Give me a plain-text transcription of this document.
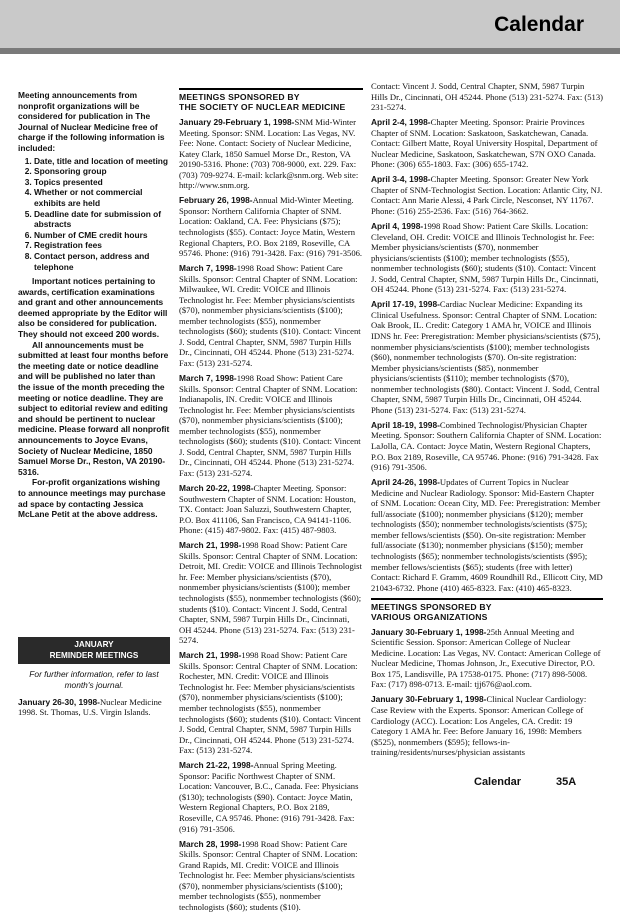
Calendar
Meeting announcements from nonprofit organizations will be considered for publication in The Journal of Nuclear Medicine free of charge if the following information is included:
1. Date, title and location of meeting
2. Sponsoring group
3. Topics presented
4. Whether or not commercial exhibits are held
5. Deadline date for submission of abstracts
6. Number of CME credit hours
7. Registration fees
8. Contact person, address and telephone

Important notices pertaining to awards, certification examinations and grant and other announcements deemed appropriate by the Editor will also be considered for publication. They should not exceed 200 words.

All announcements must be submitted at least four months before the meeting date or notice deadline and will be published no later than the issue of the month preceding the meeting or notice deadline. They are subject to editorial review and editing and should be pertinent to nuclear medicine. Please forward all nonprofit announcements to Joyce Evans, Society of Nuclear Medicine, 1850 Samuel Morse Dr., Reston, VA 20190-5316.

For-profit organizations wishing to announce meetings may purchase ad space by contacting Jessica McLane Petit at the above address.

JANUARY
REMINDER MEETINGS
For further information, refer to last month's journal.
January 26-30, 1998-Nuclear Medicine 1998. St. Thomas, U.S. Virgin Islands.
MEETINGS SPONSORED BY
THE SOCIETY OF NUCLEAR MEDICINE
January 29-February 1, 1998-SNM Mid-Winter Meeting. Sponsor: SNM. Location: Las Vegas, NV. Fee: None. Contact: Society of Nuclear Medicine, Katey Clark, 1850 Samuel Morse Dr., Reston, VA 20190-5316. Phone: (703) 708-9000, ext. 229. Fax: (703) 709-9274. E-mail: kclark@snm.org. Web site: http://www.snm.org.
February 26, 1998-Annual Mid-Winter Meeting. Sponsor: Northern California Chapter of SNM. Location: Oakland, CA. Fee: Physicians ($75); technologists ($55). Contact: Joyce Matin, Western Regional Chapters, P.O. Box 2189, Roseville, CA 95746. Phone: (916) 791-3428. Fax: (916) 791-3506.
March 7, 1998-1998 Road Show: Patient Care Skills. Sponsor: Central Chapter of SNM. Location: Milwaukee, WI. Credit: VOICE and Illinois Technologist hr. Fee: Member physicians/scientists ($70), nonmember physicians/scientists ($100); member technologists ($55), nonmember technologists ($60); students ($10). Contact: Vincent J. Sodd, Central Chapter, SNM, 5987 Turpin Hills Dr., Cincinnati, OH 45244. Phone (513) 231-5274. Fax: (513) 231-5274.
March 7, 1998-1998 Road Show: Patient Care Skills. Sponsor: Central Chapter of SNM. Location: Indianapolis, IN. Credit: VOICE and Illinois Technologist hr. Fee: Member physicians/scientists ($70), nonmember physicians/scientists ($100); member technologists ($55), nonmember technologists ($60); students ($10). Contact: Vincent J. Sodd, Central Chapter, SNM, 5987 Turpin Hills Dr., Cincinnati, OH 45244. Phone (513) 231-5274. Fax: (513) 231-5274.
March 20-22, 1998-Chapter Meeting. Sponsor: Southwestern Chapter of SNM. Location: Houston, TX. Contact: Joan Saluzzi, Southwestern Chapter, P.O. Box 411106, San Francisco, CA 94141-1106. Phone: (415) 487-9802. Fax: (415) 487-9803.
March 21, 1998-1998 Road Show: Patient Care Skills. Sponsor: Central Chapter of SNM. Location: Detroit, MI. Credit: VOICE and Illinois Technologist hr. Fee: Member physicians/scientists ($70), nonmember physicians/scientists ($100); member technologists ($55), nonmember technologists ($60); students ($10). Contact: Vincent J. Sodd, Central Chapter, SNM, 5987 Turpin Hills Dr., Cincinnati, OH 45244. Phone (513) 231-5274. Fax: (513) 231-5274.
March 21, 1998-1998 Road Show: Patient Care Skills. Sponsor: Central Chapter of SNM. Location: Rochester, MN. Credit: VOICE and Illinois Technologist hr. Fee: Member physicians/scientists ($70), nonmember physicians/scientists ($100); member technologists ($55), nonmember technologists ($60); students ($10). Contact: Vincent J. Sodd, Central Chapter, SNM, 5987 Turpin Hills Dr., Cincinnati, OH 45244. Phone (513) 231-5274. Fax: (513) 231-5274.
March 21-22, 1998-Annual Spring Meeting. Sponsor: Pacific Northwest Chapter of SNM. Location: Vancouver, B.C., Canada. Fee: Physicians ($130); technologists ($90). Contact: Joyce Matin, Western Regional Chapters, P.O. Box 2189, Roseville, CA 95746. Phone: (916) 791-3428. Fax: (916) 791-3506.
March 28, 1998-1998 Road Show: Patient Care Skills. Sponsor: Central Chapter of SNM. Location: Grand Rapids, MI. Credit: VOICE and Illinois Technologist hr. Fee: Member physicians/scientists ($70), nonmember physicians/scientists ($100); member technologists ($55), nonmember technologists ($60); students ($10).
Contact: Vincent J. Sodd, Central Chapter, SNM, 5987 Turpin Hills Dr., Cincinnati, OH 45244. Phone (513) 231-5274. Fax: (513) 231-5274.
April 2-4, 1998-Chapter Meeting. Sponsor: Prairie Provinces Chapter of SNM. Location: Saskatoon, Saskatchewan, Canada. Contact: Gilbert Matte, Royal University Hospital, Department of Nuclear Medicine, Saskatoon, Saskatchewan, S7N OXO Canada. Phone: (306) 655-1803. Fax: (306) 655-1742.
April 3-4, 1998-Chapter Meeting. Sponsor: Greater New York Chapter of SNM-Technologist Section. Location: Atlantic City, NJ. Contact: Ann Marie Alessi, 4 Park Circle, Nesconset, NY 11767. Phone: (516) 255-2536. Fax: (516) 764-3662.
April 4, 1998-1998 Road Show: Patient Care Skills. Location: Cleveland, OH. Credit: VOICE and Illinois Technologist hr. Fee: Member physicians/scientists ($70), nonmember physicians/scientists ($100); member technologists ($55), nonmember technologists ($60); students ($10). Contact: Vincent J. Sodd, Central Chapter, SNM, 5987 Turpin Hills Dr., Cincinnati, OH 45244. Phone (513) 231-5274. Fax: (513) 231-5274.
April 17-19, 1998-Cardiac Nuclear Medicine: Expanding its Clinical Usefulness. Sponsor: Central Chapter of SNM. Location: Oak Brook, IL. Credit: Category 1 AMA hr, VOICE and Illinois IDNS hr. Fee: Preregistration: Member physicians/scientists ($75), nonmember physicians/scientists ($100); member technologists ($60), nonmember technologists ($70). On-site registration: Member physicians/scientists ($85), nonmember physicians/scientists ($110); member technologists ($70), nonmember technologists ($80). Contact: Vincent J. Sodd, Central Chapter, SNM, 5987 Turpin Hills Dr., Cincinnati, OH 45244. Phone (513) 231-5274. Fax: (513) 231-5274.
April 18-19, 1998-Combined Technologist/Physician Chapter Meeting. Sponsor: Southern California Chapter of SNM. Location: LaJolla, CA. Contact: Joyce Matin, Western Regional Chapters, P.O. Box 2189, Roseville, CA 95746. Phone: (916) 791-3428. Fax (916) 791-3506.
April 24-26, 1998-Updates of Current Topics in Nuclear Medicine and Nuclear Radiology. Sponsor: Mid-Eastern Chapter of SNM. Location: Ocean City, MD. Fee: Preregistration: Member full/associate ($100); nonmember physicians ($120); member technologists ($50); nonmember technologists/scientists ($75); member fellows/scientists ($50). On-site registration: Member full/associate ($130); nonmember physicians ($150); member technologists ($65); nonmember technologists/scientists ($95); member fellows/scientists ($65); students (free with letter) Contact: Richard F. Gramm, 4609 Roundhill Rd., Ellicott City, MD 21043-6732. Phone (410) 465-8323. Fax: (410) 465-8323.
MEETINGS SPONSORED BY
VARIOUS ORGANIZATIONS
January 30-February 1, 1998-25th Annual Meeting and Scientific Session. Sponsor: American College of Nuclear Medicine. Location: Las Vegas, NV. Contact: American College of Nuclear Medicine, Thomas Johnson, Jr., Executive Director, P.O. Box 175, Landisville, PA 17538-0175. Phone: (717) 898-5008. Fax: (717) 898-0713. E-mail: tjj676@aol.com.
January 30-February 1, 1998-Clinical Nuclear Cardiology: Case Review with the Experts. Sponsor: American College of Cardiology (ACC). Location: Los Angeles, CA. Credit: 19 Category 1 AMA hr. Fee: Before January 16, 1998: Members ($525), nonmembers ($595); fellows-in-training/residents/nurses/physician assistants
Calendar	35A
